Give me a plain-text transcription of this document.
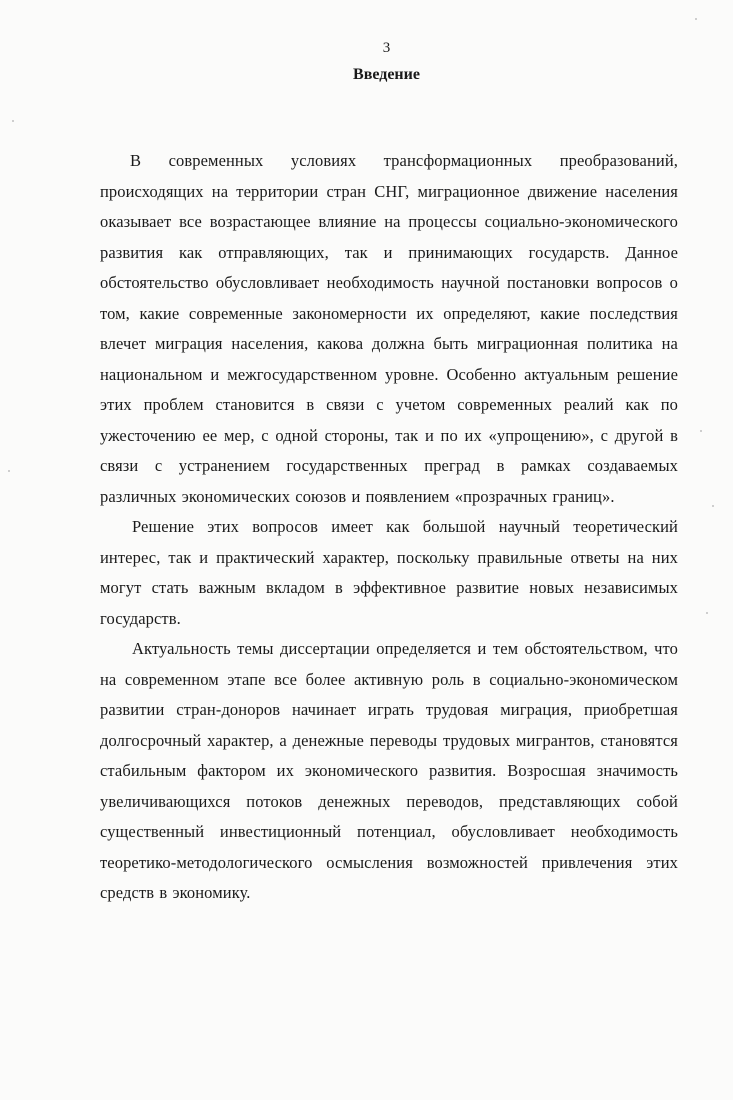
3
Введение

В современных условиях трансформационных преобразований, происходящих на территории стран СНГ, миграционное движение населения оказывает все возрастающее влияние на процессы социально-экономического развития как отправляющих, так и принимающих государств. Данное обстоятельство обусловливает необходимость научной постановки вопросов о том, какие современные закономерности их определяют, какие последствия влечет миграция населения, какова должна быть миграционная политика на национальном и межгосударственном уровне. Особенно актуальным решение этих проблем становится в связи с учетом современных реалий как по ужесточению ее мер, с одной стороны, так и по их «упрощению», с другой в связи с устранением государственных преград в рамках создаваемых различных экономических союзов и появлением «прозрачных границ».

Решение этих вопросов имеет как большой научный теоретический интерес, так и практический характер, поскольку правильные ответы на них могут стать важным вкладом в эффективное развитие новых независимых государств.

Актуальность темы диссертации определяется и тем обстоятельством, что на современном этапе все более активную роль в социально-экономическом развитии стран-доноров начинает играть трудовая миграция, приобретшая долгосрочный характер, а денежные переводы трудовых мигрантов, становятся стабильным фактором их экономического развития. Возросшая значимость увеличивающихся потоков денежных переводов, представляющих собой существенный инвестиционный потенциал, обусловливает необходимость теоретико-методологического осмысления возможностей привлечения этих средств в экономику.
